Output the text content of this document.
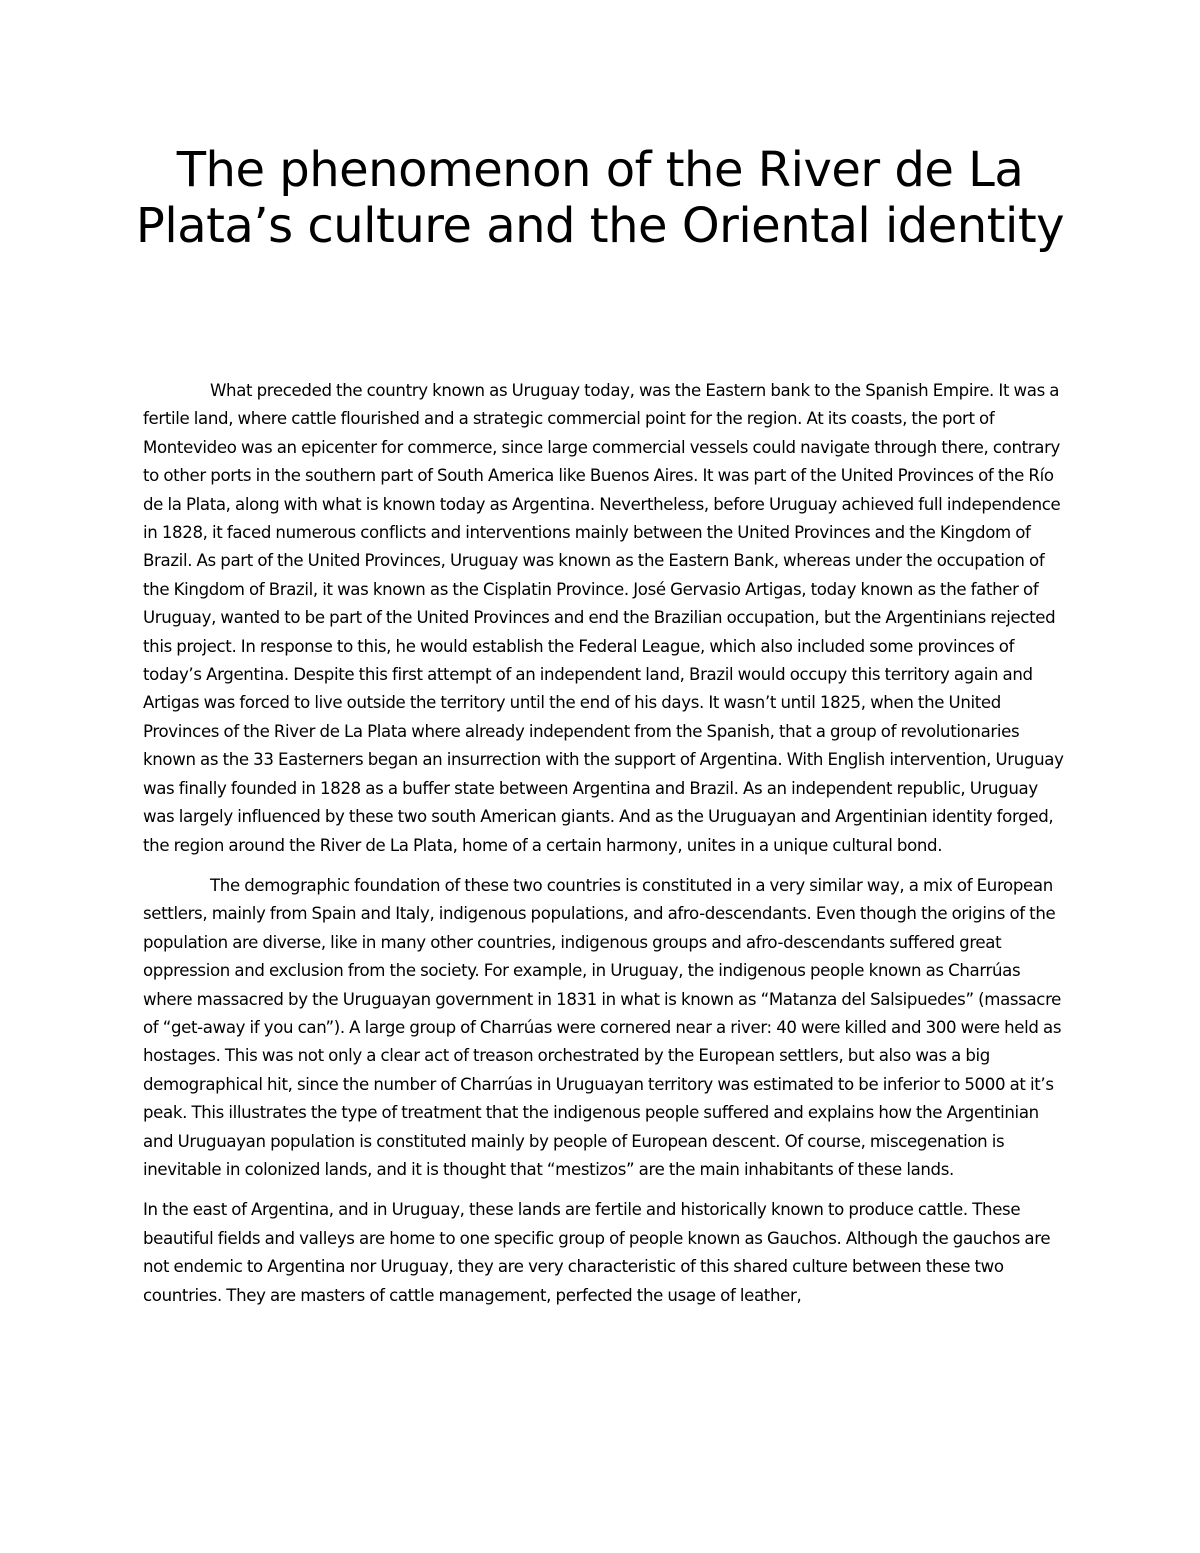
The phenomenon of the River de La Plata’s culture and the Oriental identity

What preceded the country known as Uruguay today, was the Eastern bank to the Spanish Empire. It was a fertile land, where cattle flourished and a strategic commercial point for the region. At its coasts, the port of Montevideo was an epicenter for commerce, since large commercial vessels could navigate through there, contrary to other ports in the southern part of South America like Buenos Aires. It was part of the United Provinces of the Río de la Plata, along with what is known today as Argentina. Nevertheless, before Uruguay achieved full independence in 1828, it faced numerous conflicts and interventions mainly between the United Provinces and the Kingdom of Brazil. As part of the United Provinces, Uruguay was known as the Eastern Bank, whereas under the occupation of the Kingdom of Brazil, it was known as the Cisplatin Province. José Gervasio Artigas, today known as the father of Uruguay, wanted to be part of the United Provinces and end the Brazilian occupation, but the Argentinians rejected this project. In response to this, he would establish the Federal League, which also included some provinces of today’s Argentina. Despite this first attempt of an independent land, Brazil would occupy this territory again and Artigas was forced to live outside the territory until the end of his days. It wasn’t until 1825, when the United Provinces of the River de La Plata where already independent from the Spanish, that a group of revolutionaries known as the 33 Easterners began an insurrection with the support of Argentina. With English intervention, Uruguay was finally founded in 1828 as a buffer state between Argentina and Brazil. As an independent republic, Uruguay was largely influenced by these two south American giants. And as the Uruguayan and Argentinian identity forged, the region around the River de La Plata, home of a certain harmony, unites in a unique cultural bond.

The demographic foundation of these two countries is constituted in a very similar way, a mix of European settlers, mainly from Spain and Italy, indigenous populations, and afro-descendants. Even though the origins of the population are diverse, like in many other countries, indigenous groups and afro-descendants suffered great oppression and exclusion from the society. For example, in Uruguay, the indigenous people known as Charrúas where massacred by the Uruguayan government in 1831 in what is known as “Matanza del Salsipuedes” (massacre of “get-away if you can”). A large group of Charrúas were cornered near a river: 40 were killed and 300 were held as hostages. This was not only a clear act of treason orchestrated by the European settlers, but also was a big demographical hit, since the number of Charrúas in Uruguayan territory was estimated to be inferior to 5000 at it’s peak. This illustrates the type of treatment that the indigenous people suffered and explains how the Argentinian and Uruguayan population is constituted mainly by people of European descent. Of course, miscegenation is inevitable in colonized lands, and it is thought that “mestizos” are the main inhabitants of these lands.

In the east of Argentina, and in Uruguay, these lands are fertile and historically known to produce cattle. These beautiful fields and valleys are home to one specific group of people known as Gauchos. Although the gauchos are not endemic to Argentina nor Uruguay, they are very characteristic of this shared culture between these two countries. They are masters of cattle management, perfected the usage of leather,
